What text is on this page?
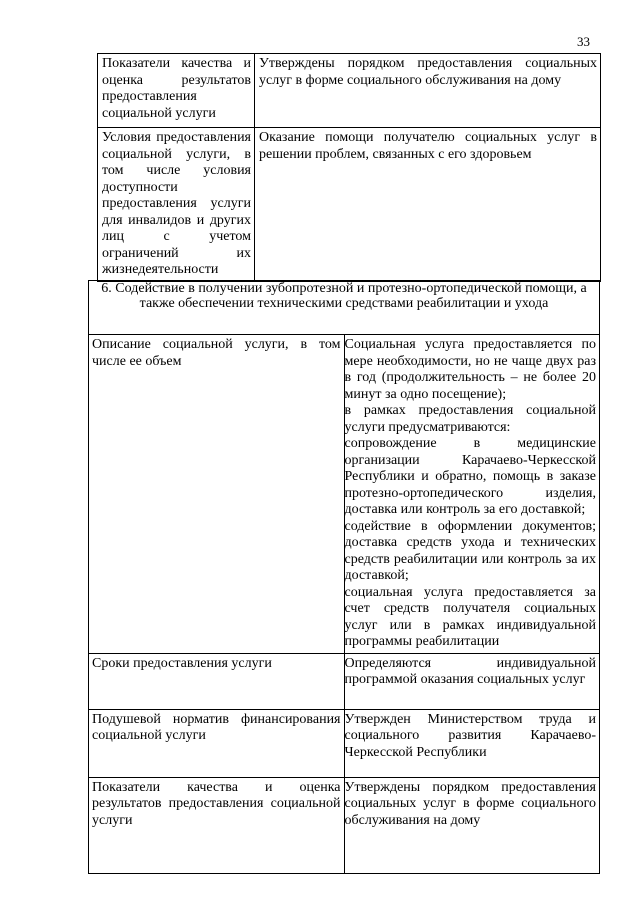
33
Показатели качества и оценка результатов предоставления социальной услуги	Утверждены порядком предоставления социальных услуг в форме социального обслуживания на дому
Условия предоставления социальной услуги, в том числе условия доступности предоставления услуги для инвалидов и других лиц с учетом ограничений их жизнедеятельности	Оказание помощи получателю социальных услуг в решении проблем, связанных с его здоровьем
6. Содействие в получении зубопротезной и протезно-ортопедической помощи, а также обеспечении техническими средствами реабилитации и ухода	
Описание социальной услуги, в том числе ее объем	Социальная услуга предоставляется по мере необходимости, но не чаще двух раз в год (продолжительность – не более 20 минут за одно посещение);
в рамках предоставления социальной услуги предусматриваются:
сопровождение в медицинские организации Карачаево-Черкесской Республики и обратно, помощь в заказе протезно-ортопедического изделия, доставка или контроль за его доставкой;
содействие в оформлении документов; доставка средств ухода и технических средств реабилитации или контроль за их доставкой;
социальная услуга предоставляется за счет средств получателя социальных услуг или в рамках индивидуальной программы реабилитации

Сроки предоставления услуги	Определяются индивидуальной программой оказания социальных услуг
Подушевой норматив финансирования социальной услуги	Утвержден Министерством труда и социального развития Карачаево-Черкесской Республики
Показатели качества и оценка результатов предоставления социальной услуги	Утверждены порядком предоставления социальных услуг в форме социального обслуживания на дому
